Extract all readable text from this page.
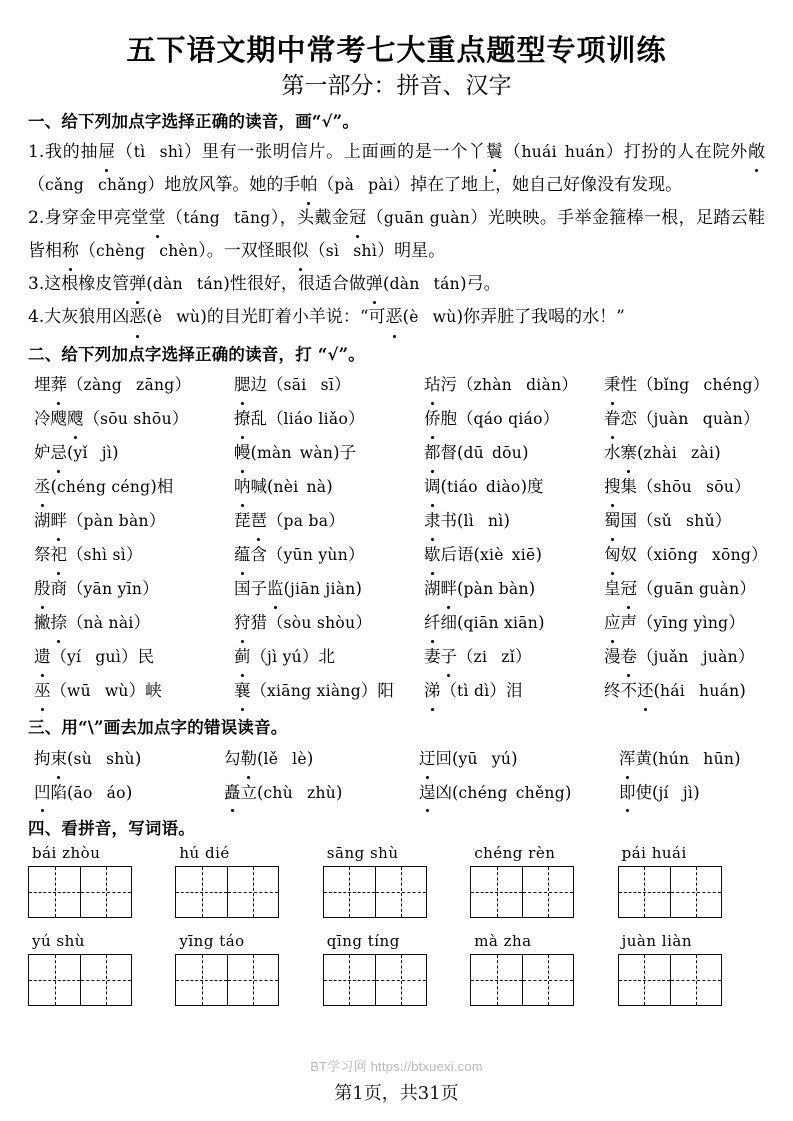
五下语文期中常考七大重点题型专项训练
第一部分：拼音、汉字
一、给下列加点字选择正确的读音，画“√”。

1.我的抽屉（tì shì）里有一张明信片。上面画的是一个丫鬟（huái huán）打扮的人在院外敞（cǎng chǎng）地放风筝。她的手帕（pà pài）掉在了地上，她自己好像没有发现。

2.身穿金甲亮堂堂（táng tāng），头戴金冠（guān guàn）光映映。手举金箍棒一根，足踏云鞋皆相称（chèng chèn）。一双怪眼似（sì shì）明星。

3.这根橡皮管弹(dàn tán)性很好，很适合做弹(dàn tán)弓。

4.大灰狼用凶恶(è wù)的目光盯着小羊说：“可恶(è wù)你弄脏了我喝的水！”

二、给下列加点字选择正确的读音，打 “√”。
埋葬（zàng zāng）	腮边（sāi sī）	玷污（zhàn diàn）	秉性（bǐng chéng）
冷飕飕（sōu shōu）	撩乱（liáo liǎo）	侨胞（qáo qiáo）	眷恋（juàn quàn）
妒忌(yǐ jì)	幔(màn wàn)子	都督(dū dōu)	水寨(zhài zài)
丞(chéng céng)相	呐喊(nèi nà)	调(tiáo diào)度	搜集（shōu sōu）
湖畔（pàn bàn）	琵琶（pa ba）	隶书(lì nì)	蜀国（sǔ shǔ）
祭祀（shì sì）	蕴含（yūn yùn）	歇后语(xiè xiē)	匈奴（xiōng xōng）
殷商（yān yīn）	国子监(jiān jiàn)	湖畔(pàn bàn)	皇冠（guān guàn）
撇捺（nà nài）	狩猎（sòu shòu）	纤细(qiān xiān)	应声（yīng yìng）
遗（yí guì）民	蓟（jì yú）北	妻子（zi zǐ）	漫卷（juǎn juàn）
巫（wū wù）峡	襄（xiāng xiàng）阳	涕（tì dì）泪	终不还(hái huán)
三、用“\”画去加点字的错误读音。
拘束(sù shù)	勾勒(lě lè)	迂回(yū yú)	浑黄(hún hūn)
凹陷(āo áo)	矗立(chù zhù)	逞凶(chéng chěng)	即使(jí jì)
四、看拼音，写词语。
bái zhòu	hú dié	sāng shù	chéng rèn	pái huái
yú shù	yīng táo	qīng tíng	mà zha	juàn liàn
BT学习网 https://btxuexi.com
第1页，共31页
